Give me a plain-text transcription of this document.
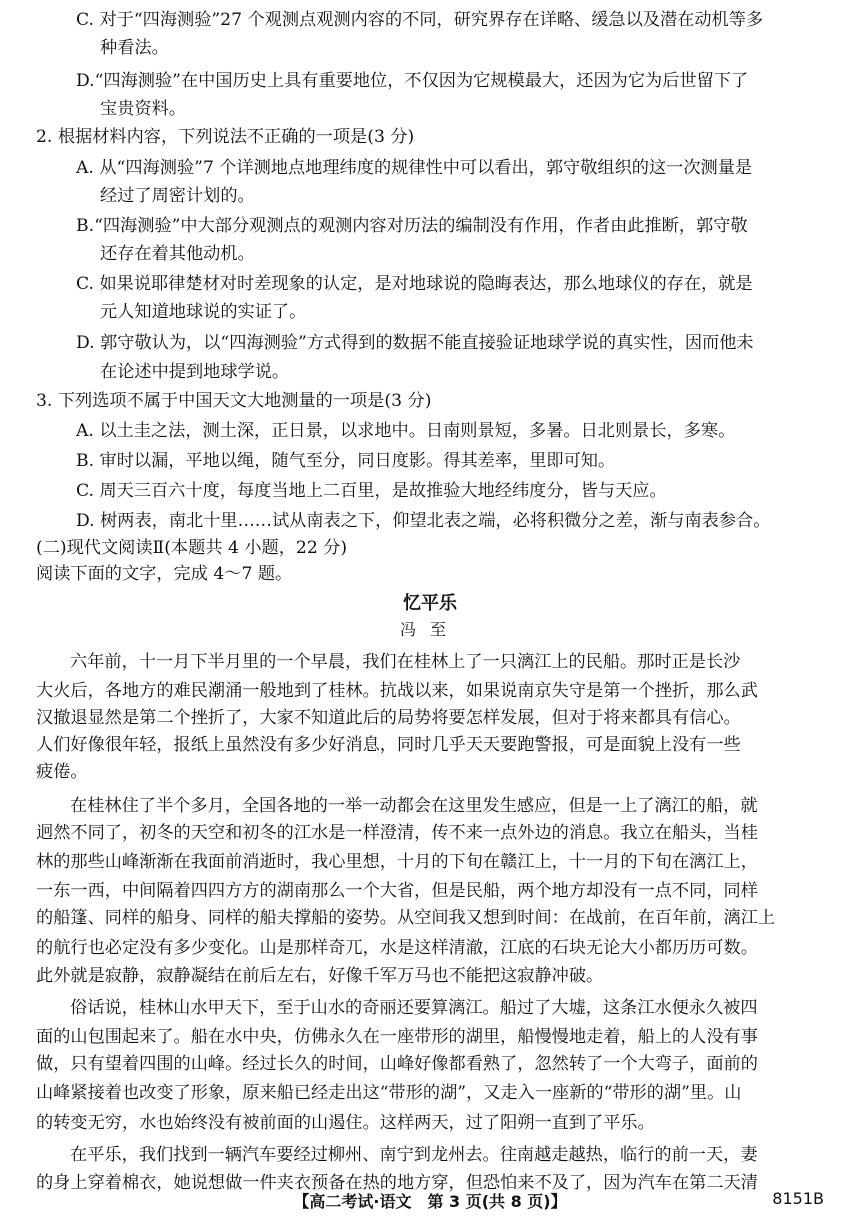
C. 对于“四海测验”27 个观测点观测内容的不同，研究界存在详略、缓急以及潜在动机等多
种看法。
D.“四海测验”在中国历史上具有重要地位，不仅因为它规模最大，还因为它为后世留下了
宝贵资料。
2. 根据材料内容，下列说法不正确的一项是(3 分)
A. 从“四海测验”7 个详测地点地理纬度的规律性中可以看出，郭守敬组织的这一次测量是
经过了周密计划的。
B.“四海测验”中大部分观测点的观测内容对历法的编制没有作用，作者由此推断，郭守敬
还存在着其他动机。
C. 如果说耶律楚材对时差现象的认定，是对地球说的隐晦表达，那么地球仪的存在，就是
元人知道地球说的实证了。
D. 郭守敬认为，以“四海测验”方式得到的数据不能直接验证地球学说的真实性，因而他未
在论述中提到地球学说。
3. 下列选项不属于中国天文大地测量的一项是(3 分)
A. 以土圭之法，测土深，正日景，以求地中。日南则景短，多暑。日北则景长，多寒。
B. 审时以漏，平地以绳，随气至分，同日度影。得其差率，里即可知。
C. 周天三百六十度，每度当地上二百里，是故推验大地经纬度分，皆与天应。
D. 树两表，南北十里……试从南表之下，仰望北表之端，必将积微分之差，渐与南表参合。
(二)现代文阅读Ⅱ(本题共 4 小题，22 分)
阅读下面的文字，完成 4～7 题。
忆平乐
冯至
六年前，十一月下半月里的一个早晨，我们在桂林上了一只漓江上的民船。那时正是长沙
大火后，各地方的难民潮涌一般地到了桂林。抗战以来，如果说南京失守是第一个挫折，那么武
汉撤退显然是第二个挫折了，大家不知道此后的局势将要怎样发展，但对于将来都具有信心。
人们好像很年轻，报纸上虽然没有多少好消息，同时几乎天天要跑警报，可是面貌上没有一些
疲倦。
在桂林住了半个多月，全国各地的一举一动都会在这里发生感应，但是一上了漓江的船，就
迥然不同了，初冬的天空和初冬的江水是一样澄清，传不来一点外边的消息。我立在船头，当桂
林的那些山峰渐渐在我面前消逝时，我心里想，十月的下旬在赣江上，十一月的下旬在漓江上，
一东一西，中间隔着四四方方的湖南那么一个大省，但是民船，两个地方却没有一点不同，同样
的船篷、同样的船身、同样的船夫撑船的姿势。从空间我又想到时间：在战前，在百年前，漓江上
的航行也必定没有多少变化。山是那样奇兀，水是这样清澈，江底的石块无论大小都历历可数。
此外就是寂静，寂静凝结在前后左右，好像千军万马也不能把这寂静冲破。
俗话说，桂林山水甲天下，至于山水的奇丽还要算漓江。船过了大墟，这条江水便永久被四
面的山包围起来了。船在水中央，仿佛永久在一座带形的湖里，船慢慢地走着，船上的人没有事
做，只有望着四围的山峰。经过长久的时间，山峰好像都看熟了，忽然转了一个大弯子，面前的
山峰紧接着也改变了形象，原来船已经走出这“带形的湖”，又走入一座新的“带形的湖”里。山
的转变无穷，水也始终没有被前面的山遏住。这样两天，过了阳朔一直到了平乐。
在平乐，我们找到一辆汽车要经过柳州、南宁到龙州去。往南越走越热，临行的前一天，妻
的身上穿着棉衣，她说想做一件夹衣预备在热的地方穿，但恐怕来不及了，因为汽车在第二天清
【高二考试·语文　第 3 页(共 8 页)】	8151B
